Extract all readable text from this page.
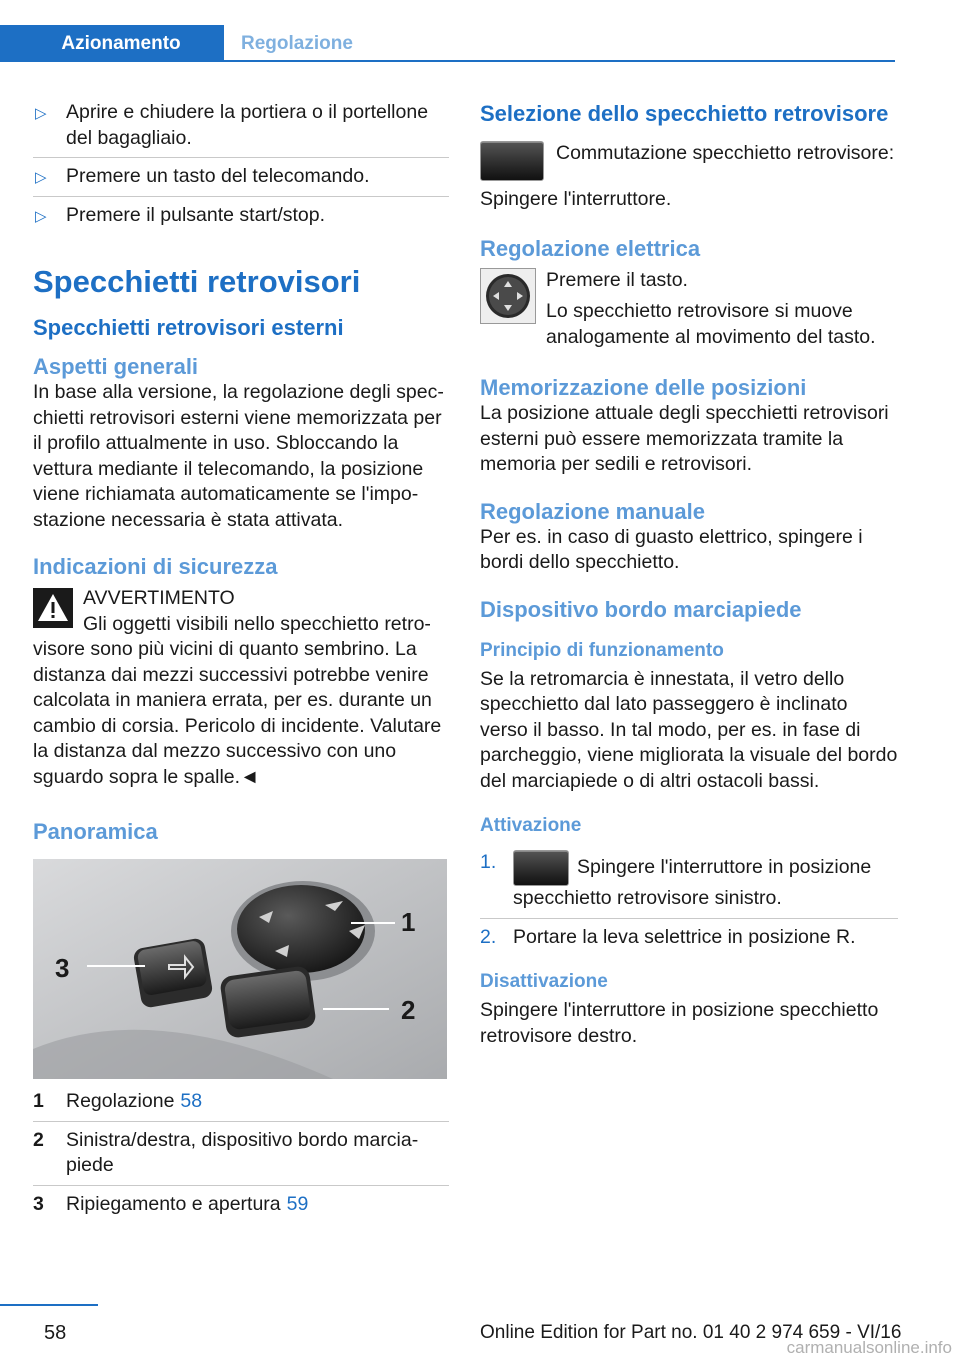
Azionamento	Regolazione
▷ Aprire e chiudere la portiera o il portellone del bagagliaio.
▷ Premere un tasto del telecomando.
▷ Premere il pulsante start/stop.
Specchietti retrovisori
Specchietti retrovisori esterni
Aspetti generali

In base alla versione, la regolazione degli specchietti retrovisori esterni viene memorizzata per il profilo attualmente in uso. Sbloccando la vettura mediante il telecomando, la posizione viene richiamata automaticamente se l'impostazione necessaria è stata attivata.

Indicazioni di sicurezza
AVVERTIMENTO

Gli oggetti visibili nello specchietto retrovisore sono più vicini di quanto sembrino. La distanza dai mezzi successivi potrebbe venire calcolata in maniera errata, per es. durante un cambio di corsia. Pericolo di incidente. Valutare la distanza dal mezzo successivo con uno sguardo sopra le spalle.◄

Panoramica
1
2
3
1 Regolazione 58
2 Sinistra/destra, dispositivo bordo marciapiede
3 Ripiegamento e apertura 59
Selezione dello specchietto retrovisore

Commutazione specchietto retrovisore:

Spingere l'interruttore.

Regolazione elettrica

Premere il tasto.

Lo specchietto retrovisore si muove analogamente al movimento del tasto.

Memorizzazione delle posizioni

La posizione attuale degli specchietti retrovisori esterni può essere memorizzata tramite la memoria per sedili e retrovisori.

Regolazione manuale

Per es. in caso di guasto elettrico, spingere i bordi dello specchietto.

Dispositivo bordo marciapiede
Principio di funzionamento

Se la retromarcia è innestata, il vetro dello specchietto dal lato passeggero è inclinato verso il basso. In tal modo, per es. in fase di parcheggio, viene migliorata la visuale del bordo del marciapiede o di altri ostacoli bassi.

Attivazione
1.	Spingere l'interruttore in posizione specchietto retrovisore sinistro.
2. Portare la leva selettrice in posizione R.
Disattivazione

Spingere l'interruttore in posizione specchietto retrovisore destro.

58	Online Edition for Part no. 01 40 2 974 659 - VI/16
carmanualsonline.info
